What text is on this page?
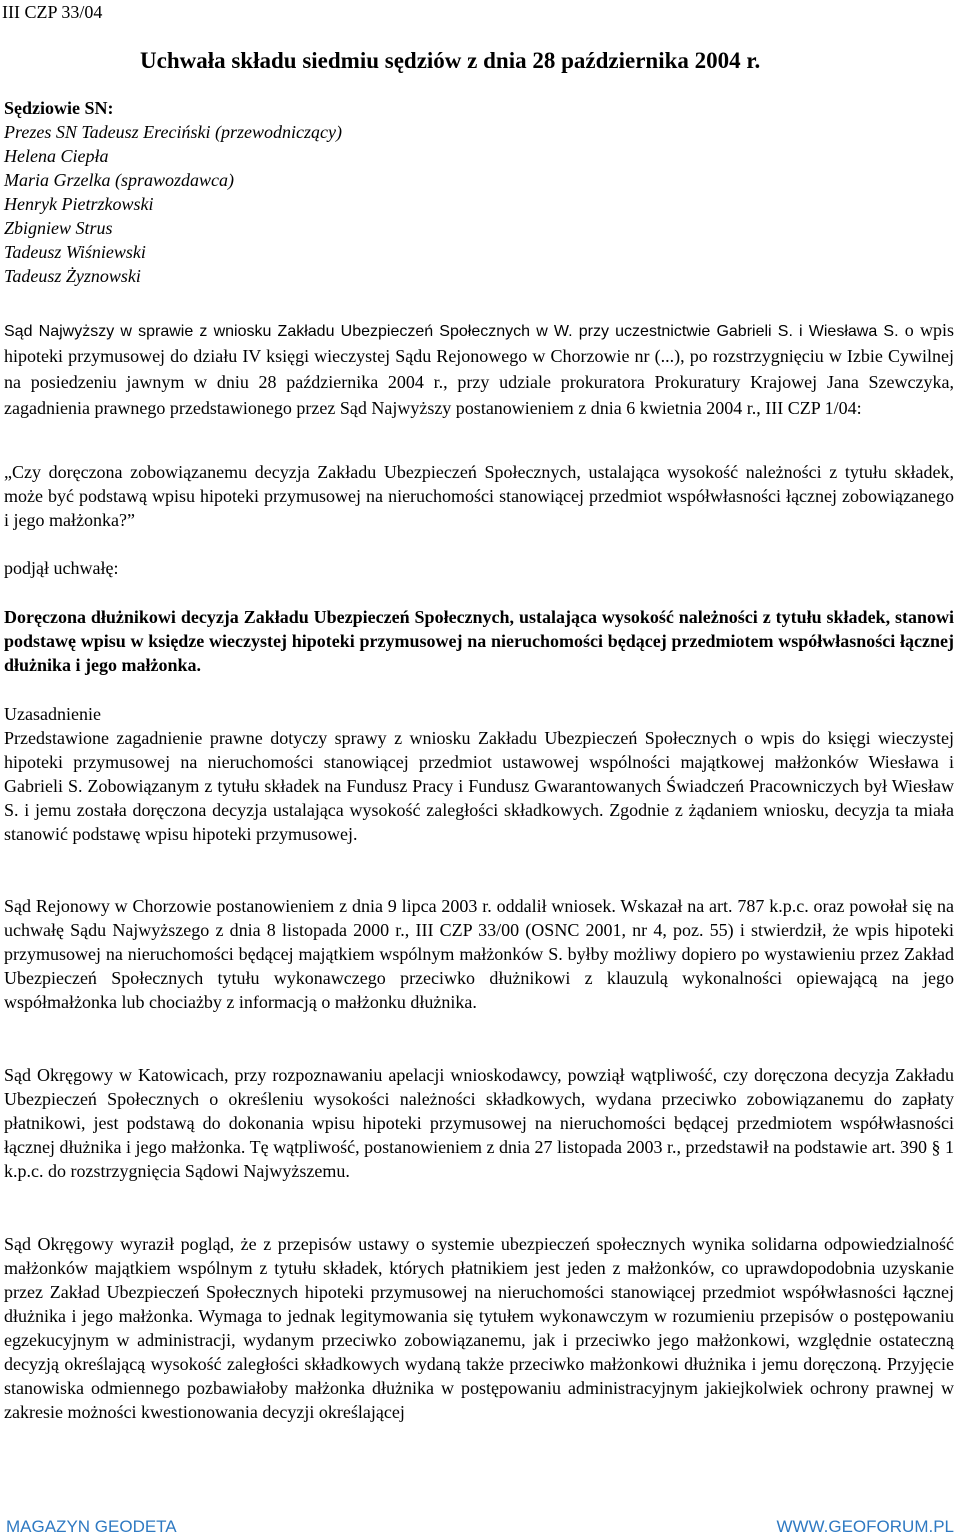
III CZP 33/04
Uchwała składu siedmiu sędziów z dnia 28 października 2004 r.
Sędziowie SN:
Prezes SN Tadeusz Ereciński (przewodniczący)
Helena Ciepła
Maria Grzelka (sprawozdawca)
Henryk Pietrzkowski
Zbigniew Strus
Tadeusz Wiśniewski
Tadeusz Żyznowski
Sąd Najwyższy w sprawie z wniosku Zakładu Ubezpieczeń Społecznych w W. przy uczestnictwie Gabrieli S. i Wiesława S. o wpis hipoteki przymusowej do działu IV księgi wieczystej Sądu Rejonowego w Chorzowie nr (...), po rozstrzygnięciu w Izbie Cywilnej na posiedzeniu jawnym w dniu 28 października 2004 r., przy udziale prokuratora Prokuratury Krajowej Jana Szewczyka, zagadnienia prawnego przedstawionego przez Sąd Najwyższy postanowieniem z dnia 6 kwietnia 2004 r., III CZP 1/04:
„Czy doręczona zobowiązanemu decyzja Zakładu Ubezpieczeń Społecznych, ustalająca wysokość należności z tytułu składek, może być podstawą wpisu hipoteki przymusowej na nieruchomości stanowiącej przedmiot współwłasności łącznej zobowiązanego i jego małżonka?”
podjął uchwałę:
Doręczona dłużnikowi decyzja Zakładu Ubezpieczeń Społecznych, ustalająca wysokość należności z tytułu składek, stanowi podstawę wpisu w księdze wieczystej hipoteki przymusowej na nieruchomości będącej przedmiotem współwłasności łącznej dłużnika i jego małżonka.
Uzasadnienie
Przedstawione zagadnienie prawne dotyczy sprawy z wniosku Zakładu Ubezpieczeń Społecznych o wpis do księgi wieczystej hipoteki przymusowej na nieruchomości stanowiącej przedmiot ustawowej wspólności majątkowej małżonków Wiesława i Gabrieli S. Zobowiązanym z tytułu składek na Fundusz Pracy i Fundusz Gwarantowanych Świadczeń Pracowniczych był Wiesław S. i jemu została doręczona decyzja ustalająca wysokość zaległości składkowych. Zgodnie z żądaniem wniosku, decyzja ta miała stanowić podstawę wpisu hipoteki przymusowej.
Sąd Rejonowy w Chorzowie postanowieniem z dnia 9 lipca 2003 r. oddalił wniosek. Wskazał na art. 787 k.p.c. oraz powołał się na uchwałę Sądu Najwyższego z dnia 8 listopada 2000 r., III CZP 33/00 (OSNC 2001, nr 4, poz. 55) i stwierdził, że wpis hipoteki przymusowej na nieruchomości będącej majątkiem wspólnym małżonków S. byłby możliwy dopiero po wystawieniu przez Zakład Ubezpieczeń Społecznych tytułu wykonawczego przeciwko dłużnikowi z klauzulą wykonalności opiewającą na jego współmałżonka lub chociażby z informacją o małżonku dłużnika.
Sąd Okręgowy w Katowicach, przy rozpoznawaniu apelacji wnioskodawcy, powziął wątpliwość, czy doręczona decyzja Zakładu Ubezpieczeń Społecznych o określeniu wysokości należności składkowych, wydana przeciwko zobowiązanemu do zapłaty płatnikowi, jest podstawą do dokonania wpisu hipoteki przymusowej na nieruchomości będącej przedmiotem współwłasności łącznej dłużnika i jego małżonka. Tę wątpliwość, postanowieniem z dnia 27 listopada 2003 r., przedstawił na podstawie art. 390 § 1 k.p.c. do rozstrzygnięcia Sądowi Najwyższemu.
Sąd Okręgowy wyraził pogląd, że z przepisów ustawy o systemie ubezpieczeń społecznych wynika solidarna odpowiedzialność małżonków majątkiem wspólnym z tytułu składek, których płatnikiem jest jeden z małżonków, co uprawdopodobnia uzyskanie przez Zakład Ubezpieczeń Społecznych hipoteki przymusowej na nieruchomości stanowiącej przedmiot współwłasności łącznej dłużnika i jego małżonka. Wymaga to jednak legitymowania się tytułem wykonawczym w rozumieniu przepisów o postępowaniu egzekucyjnym w administracji, wydanym przeciwko zobowiązanemu, jak i przeciwko jego małżonkowi, względnie ostateczną decyzją określającą wysokość zaległości składkowych wydaną także przeciwko małżonkowi dłużnika i jemu doręczoną. Przyjęcie stanowiska odmiennego pozbawiałoby małżonka dłużnika w postępowaniu administracyjnym jakiejkolwiek ochrony prawnej w zakresie możności kwestionowania decyzji określającej
MAGAZYN GEODETA	WWW.GEOFORUM.PL
